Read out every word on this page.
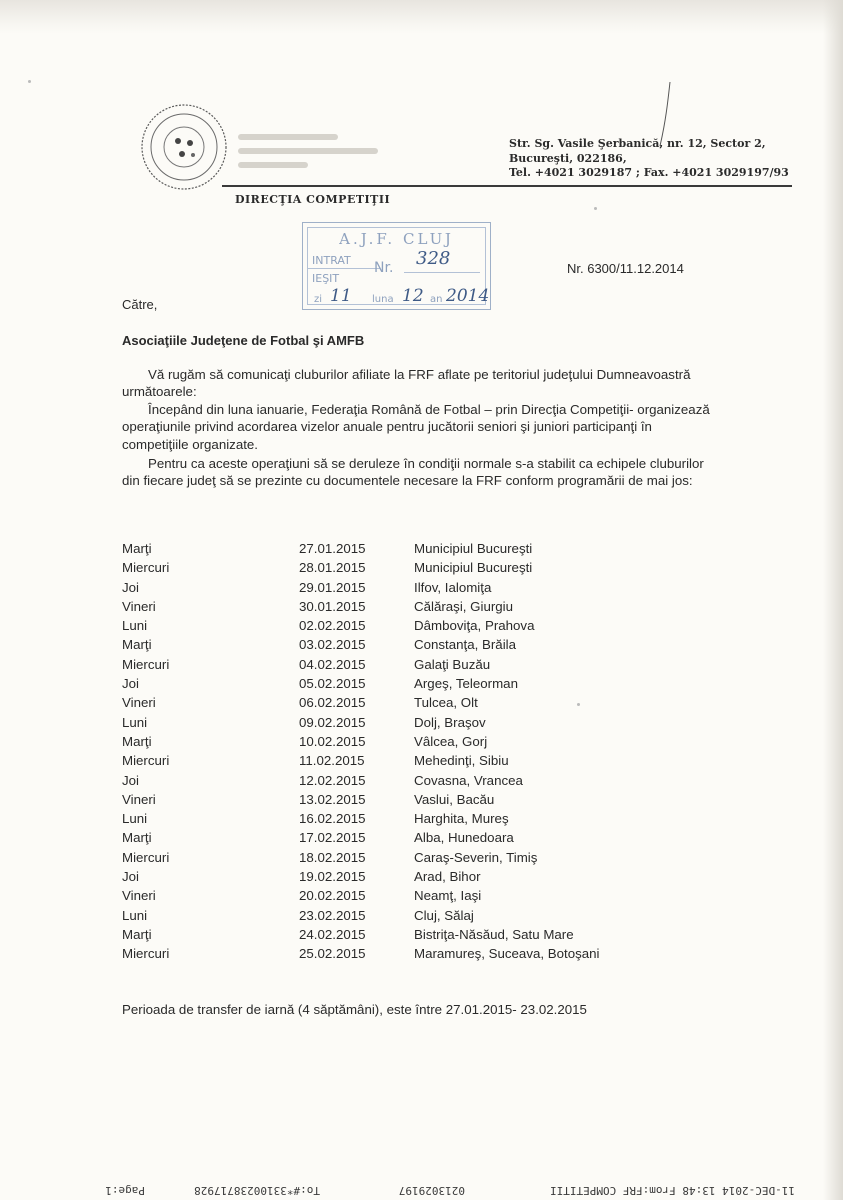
Str. Sg. Vasile Şerbanică, nr. 12, Sector 2,
Bucureşti, 022186,
Tel. +4021 3029187 ; Fax. +4021 3029197/93
DIRECŢIA COMPETIŢII
A.J.F. CLUJ
INTRAT
IEŞIT
Nr. 328
zi 11 luna 12 an 2014
Nr. 6300/11.12.2014
Către,
Asociaţiile Judeţene de Fotbal şi AMFB

Vă rugăm să comunicaţi cluburilor afiliate la FRF aflate pe teritoriul judeţului Dumneavoastră următoarele:

Începând din luna ianuarie, Federaţia Română de Fotbal – prin Direcţia Competiţii- organizează operaţiunile privind acordarea vizelor anuale pentru jucătorii seniori şi juniori participanţi în competiţiile organizate.

Pentru ca aceste operaţiuni să se deruleze în condiţii normale s-a stabilit ca echipele cluburilor din fiecare judeţ să se prezinte cu documentele necesare la FRF conform programării de mai jos:

Marţi	27.01.2015	Municipiul Bucureşti
Miercuri	28.01.2015	Municipiul Bucureşti
Joi	29.01.2015	Ilfov, Ialomiţa
Vineri	30.01.2015	Călăraşi, Giurgiu
Luni	02.02.2015	Dâmboviţa, Prahova
Marţi	03.02.2015	Constanţa, Brăila
Miercuri	04.02.2015	Galaţi Buzău
Joi	05.02.2015	Argeş, Teleorman
Vineri	06.02.2015	Tulcea, Olt
Luni	09.02.2015	Dolj, Braşov
Marţi	10.02.2015	Vâlcea, Gorj
Miercuri	11.02.2015	Mehedinţi, Sibiu
Joi	12.02.2015	Covasna, Vrancea
Vineri	13.02.2015	Vaslui, Bacău
Luni	16.02.2015	Harghita, Mureş
Marţi	17.02.2015	Alba, Hunedoara
Miercuri	18.02.2015	Caraş-Severin, Timiş
Joi	19.02.2015	Arad, Bihor
Vineri	20.02.2015	Neamţ, Iaşi
Luni	23.02.2015	Cluj, Sălaj
Marţi	24.02.2015	Bistriţa-Năsăud, Satu Mare
Miercuri	25.02.2015	Maramureş, Suceava, Botoşani
Perioada de transfer de iarnă (4 săptămâni), este între 27.01.2015- 23.02.2015
11-DEC-2014 13:48 From:FRF COMPETITII
0213029197
To:#*33100238717928
Page:1
